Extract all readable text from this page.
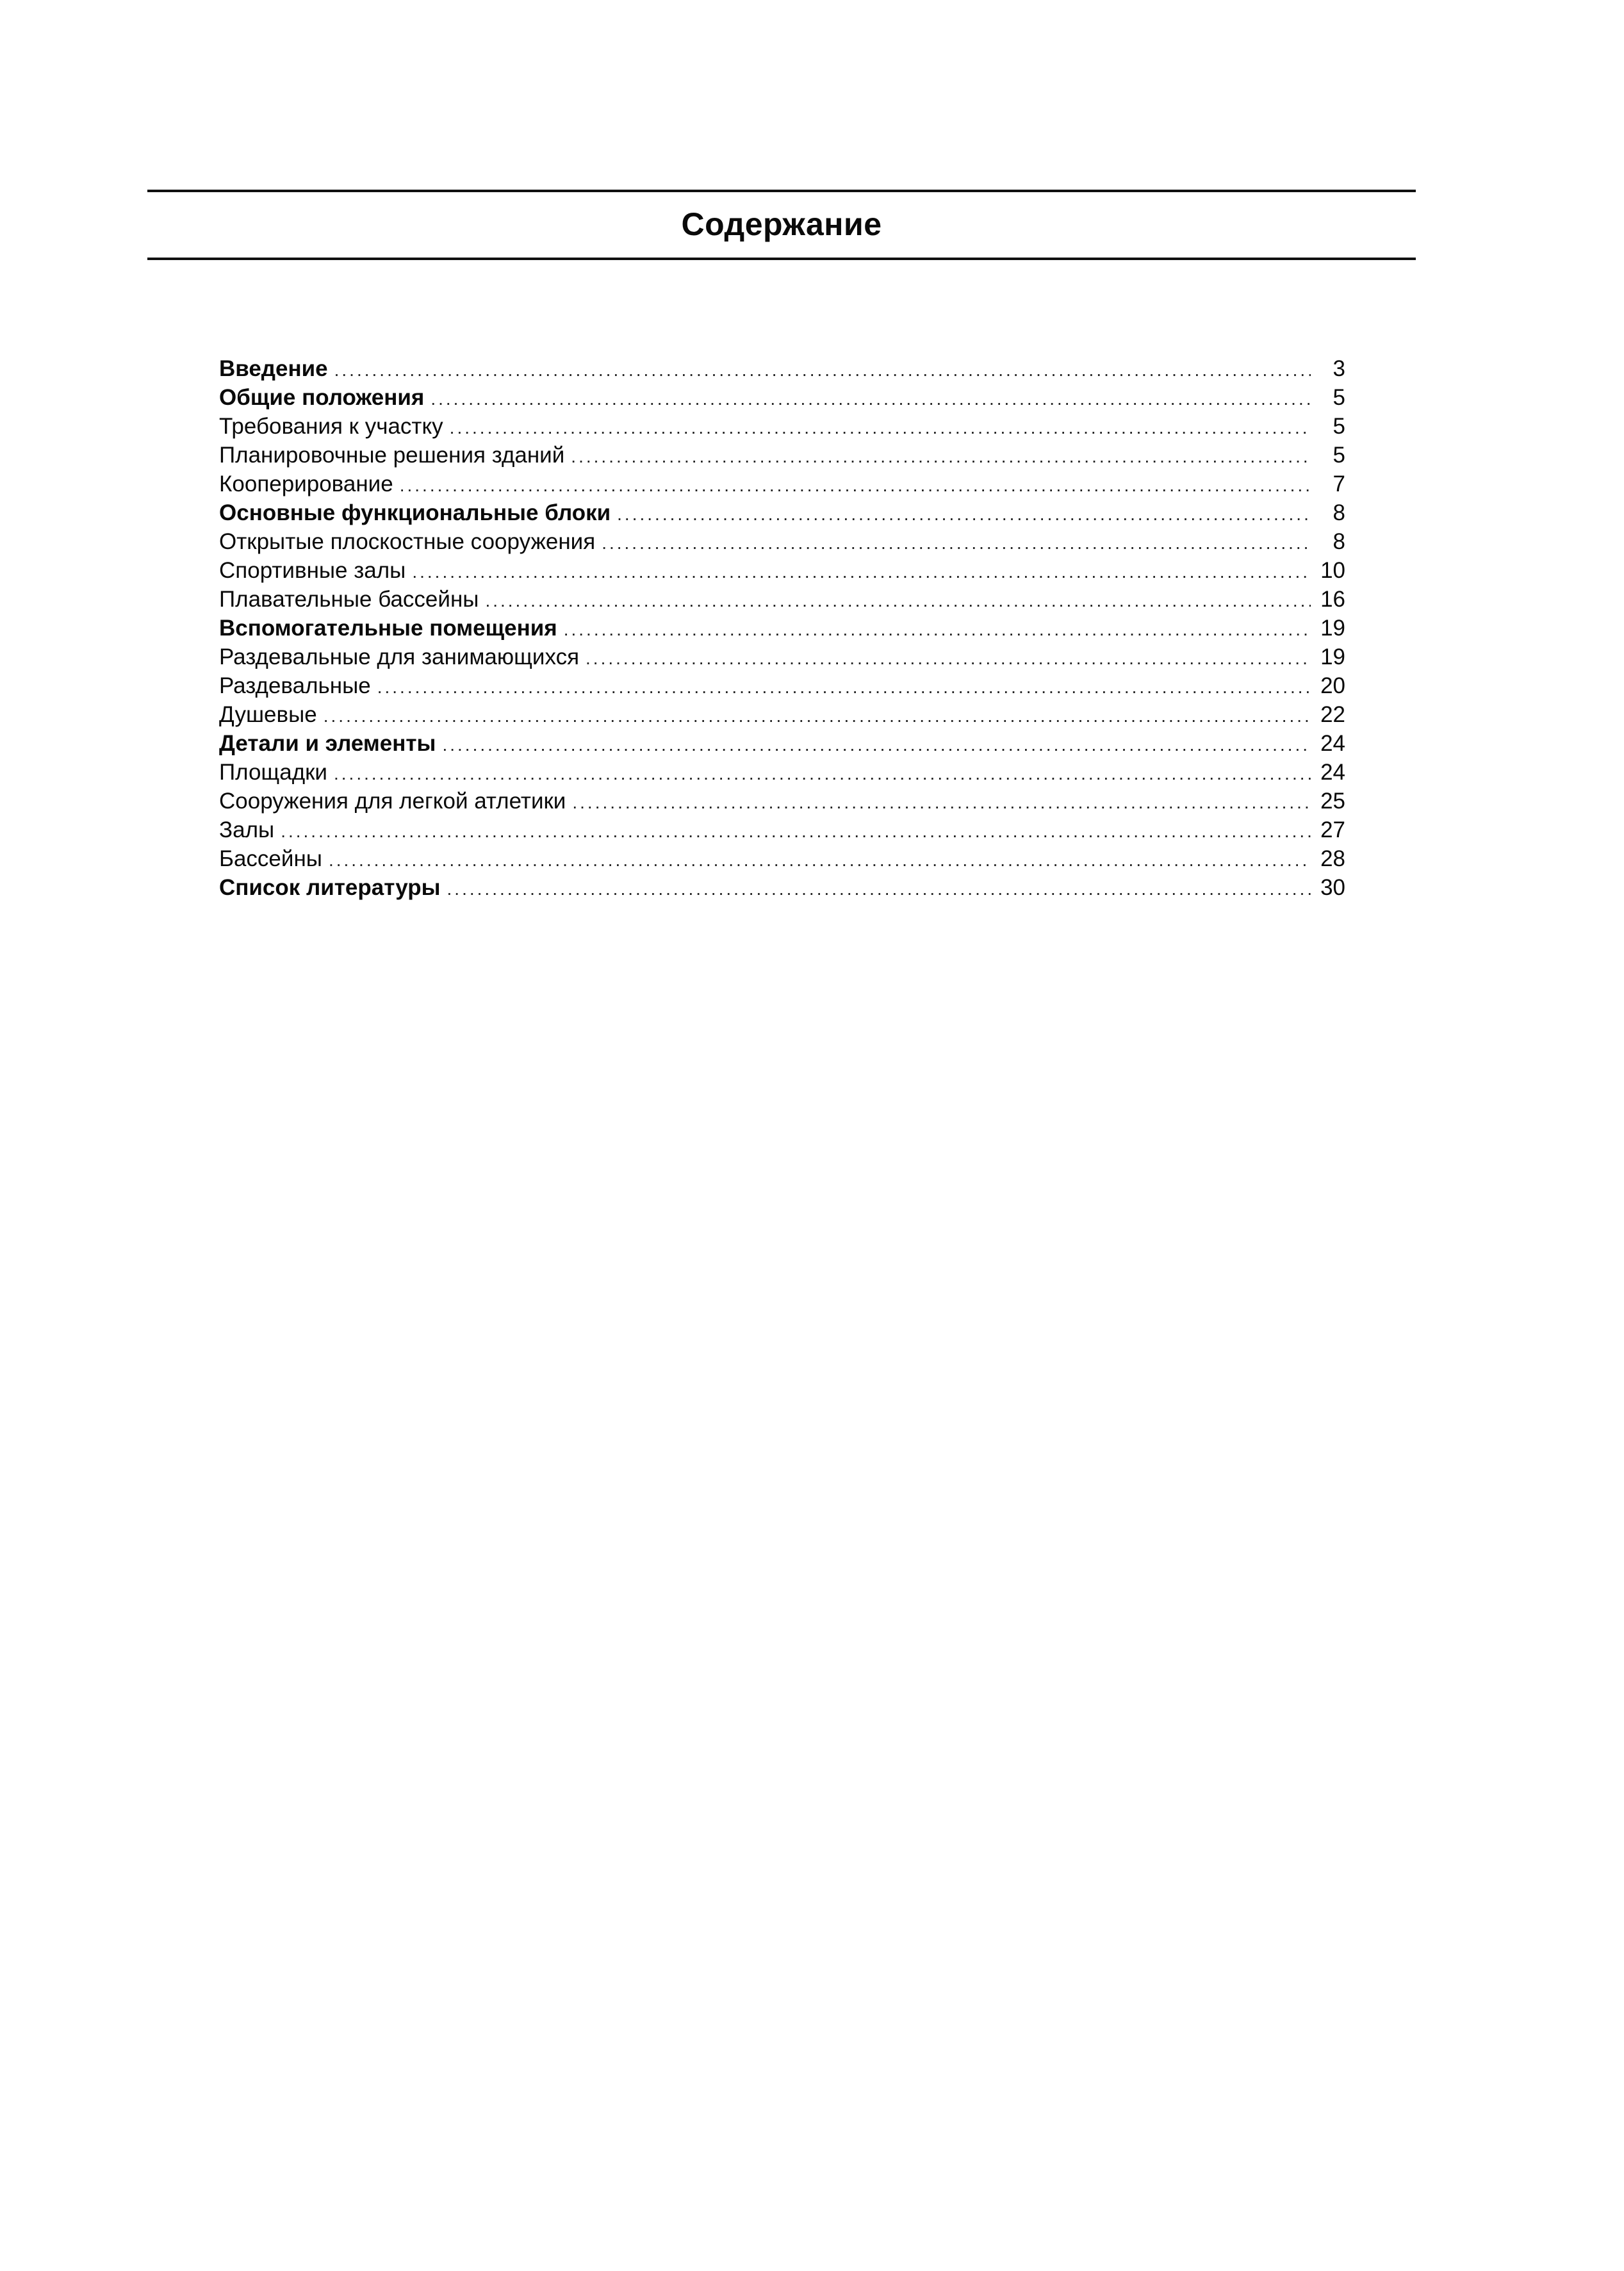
Содержание
Введение .....	3
Общие положения .....	5
Требования к участку .....	5
Планировочные решения зданий .....	5
Кооперирование .....	7
Основные функциональные блоки .....	8
Открытые плоскостные сооружения .....	8
Спортивные залы .....	10
Плавательные бассейны .....	16
Вспомогательные помещения .....	19
Раздевальные для занимающихся .....	19
Раздевальные .....	20
Душевые .....	22
Детали и элементы .....	24
Площадки .....	24
Сооружения для легкой атлетики .....	25
Залы .....	27
Бассейны .....	28
Список литературы .....	30
